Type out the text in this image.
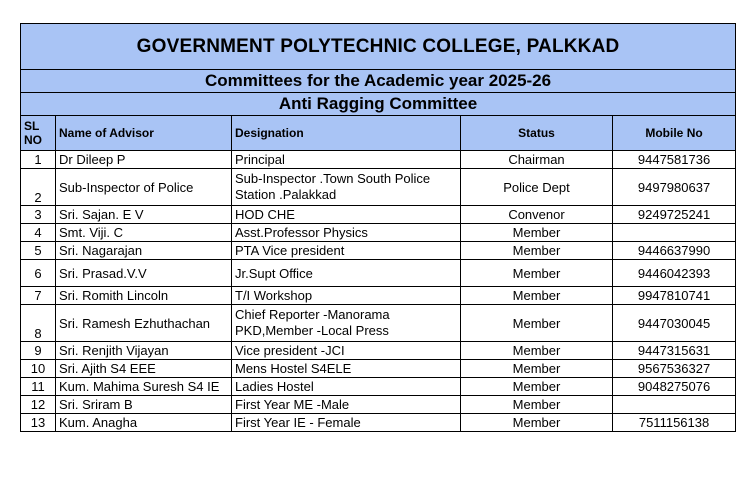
GOVERNMENT POLYTECHNIC COLLEGE, PALKKAD				
Committees for the Academic year 2025-26				
Anti Ragging Committee				
SL NO	Name of Advisor	Designation	Status	Mobile No
1	Dr Dileep P	Principal	Chairman	9447581736
2	Sub-Inspector of Police	Sub-Inspector .Town South Police Station .Palakkad	Police Dept	9497980637
3	Sri. Sajan. E V	HOD CHE	Convenor	9249725241
4	Smt. Viji. C	Asst.Professor Physics	Member	
5	Sri. Nagarajan	PTA Vice president	Member	9446637990
6	Sri. Prasad.V.V	Jr.Supt Office	Member	9446042393
7	Sri. Romith Lincoln	T/I Workshop	Member	9947810741
8	Sri. Ramesh Ezhuthachan	Chief Reporter -Manorama PKD,Member -Local Press	Member	9447030045
9	Sri. Renjith Vijayan	Vice president -JCI	Member	9447315631
10	Sri. Ajith S4 EEE	Mens Hostel S4ELE	Member	9567536327
11	Kum. Mahima Suresh S4 IE	Ladies Hostel	Member	9048275076
12	Sri. Sriram B	First Year ME -Male	Member	
13	Kum. Anagha	First Year IE - Female	Member	7511156138
